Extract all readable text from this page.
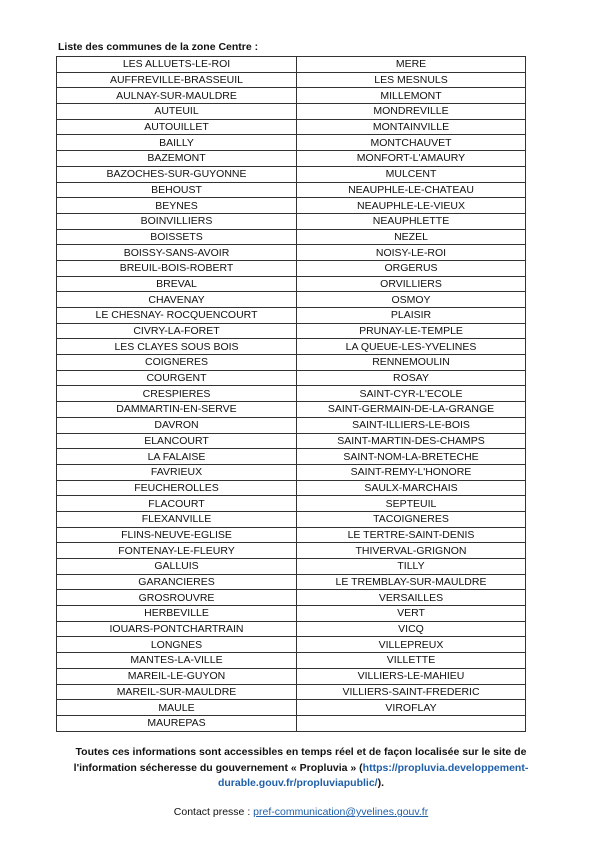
Liste des communes de la zone Centre :
LES ALLUETS-LE-ROI	MERE
AUFFREVILLE-BRASSEUIL	LES MESNULS
AULNAY-SUR-MAULDRE	MILLEMONT
AUTEUIL	MONDREVILLE
AUTOUILLET	MONTAINVILLE
BAILLY	MONTCHAUVET
BAZEMONT	MONFORT-L'AMAURY
BAZOCHES-SUR-GUYONNE	MULCENT
BEHOUST	NEAUPHLE-LE-CHATEAU
BEYNES	NEAUPHLE-LE-VIEUX
BOINVILLIERS	NEAUPHLETTE
BOISSETS	NEZEL
BOISSY-SANS-AVOIR	NOISY-LE-ROI
BREUIL-BOIS-ROBERT	ORGERUS
BREVAL	ORVILLIERS
CHAVENAY	OSMOY
LE CHESNAY- ROCQUENCOURT	PLAISIR
CIVRY-LA-FORET	PRUNAY-LE-TEMPLE
LES CLAYES SOUS BOIS	LA QUEUE-LES-YVELINES
COIGNERES	RENNEMOULIN
COURGENT	ROSAY
CRESPIERES	SAINT-CYR-L'ECOLE
DAMMARTIN-EN-SERVE	SAINT-GERMAIN-DE-LA-GRANGE
DAVRON	SAINT-ILLIERS-LE-BOIS
ELANCOURT	SAINT-MARTIN-DES-CHAMPS
LA FALAISE	SAINT-NOM-LA-BRETECHE
FAVRIEUX	SAINT-REMY-L'HONORE
FEUCHEROLLES	SAULX-MARCHAIS
FLACOURT	SEPTEUIL
FLEXANVILLE	TACOIGNERES
FLINS-NEUVE-EGLISE	LE TERTRE-SAINT-DENIS
FONTENAY-LE-FLEURY	THIVERVAL-GRIGNON
GALLUIS	TILLY
GARANCIERES	LE TREMBLAY-SUR-MAULDRE
GROSROUVRE	VERSAILLES
HERBEVILLE	VERT
IOUARS-PONTCHARTRAIN	VICQ
LONGNES	VILLEPREUX
MANTES-LA-VILLE	VILLETTE
MAREIL-LE-GUYON	VILLIERS-LE-MAHIEU
MAREIL-SUR-MAULDRE	VILLIERS-SAINT-FREDERIC
MAULE	VIROFLAY
MAUREPAS	
Toutes ces informations sont accessibles en temps réel et de façon localisée sur le site de l'information sécheresse du gouvernement « Propluvia » (https://propluvia.developpement-durable.gouv.fr/propluviapublic/).
Contact presse : pref-communication@yvelines.gouv.fr
